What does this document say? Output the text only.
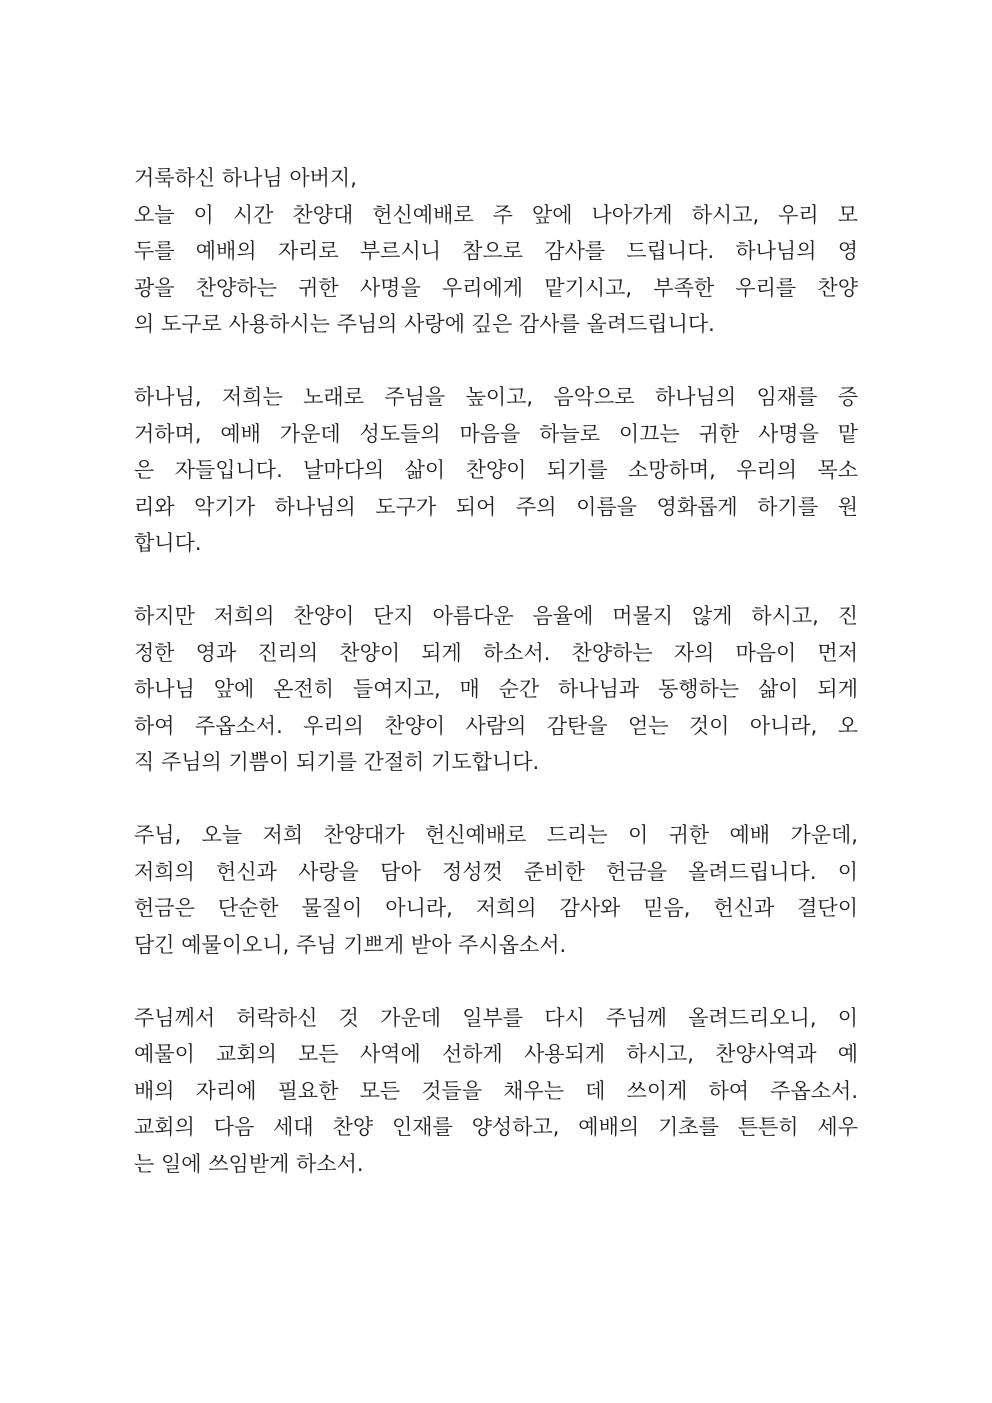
거룩하신 하나님 아버지,
오늘 이 시간 찬양대 헌신예배로 주 앞에 나아가게 하시고, 우리 모
두를 예배의 자리로 부르시니 참으로 감사를 드립니다. 하나님의 영
광을 찬양하는 귀한 사명을 우리에게 맡기시고, 부족한 우리를 찬양
의 도구로 사용하시는 주님의 사랑에 깊은 감사를 올려드립니다.
하나님, 저희는 노래로 주님을 높이고, 음악으로 하나님의 임재를 증
거하며, 예배 가운데 성도들의 마음을 하늘로 이끄는 귀한 사명을 맡
은 자들입니다. 날마다의 삶이 찬양이 되기를 소망하며, 우리의 목소
리와 악기가 하나님의 도구가 되어 주의 이름을 영화롭게 하기를 원
합니다.
하지만 저희의 찬양이 단지 아름다운 음율에 머물지 않게 하시고, 진
정한 영과 진리의 찬양이 되게 하소서. 찬양하는 자의 마음이 먼저
하나님 앞에 온전히 들여지고, 매 순간 하나님과 동행하는 삶이 되게
하여 주옵소서. 우리의 찬양이 사람의 감탄을 얻는 것이 아니라, 오
직 주님의 기쁨이 되기를 간절히 기도합니다.
주님, 오늘 저희 찬양대가 헌신예배로 드리는 이 귀한 예배 가운데,
저희의 헌신과 사랑을 담아 정성껏 준비한 헌금을 올려드립니다. 이
헌금은 단순한 물질이 아니라, 저희의 감사와 믿음, 헌신과 결단이
담긴 예물이오니, 주님 기쁘게 받아 주시옵소서.
주님께서 허락하신 것 가운데 일부를 다시 주님께 올려드리오니, 이
예물이 교회의 모든 사역에 선하게 사용되게 하시고, 찬양사역과 예
배의 자리에 필요한 모든 것들을 채우는 데 쓰이게 하여 주옵소서.
교회의 다음 세대 찬양 인재를 양성하고, 예배의 기초를 튼튼히 세우
는 일에 쓰임받게 하소서.
